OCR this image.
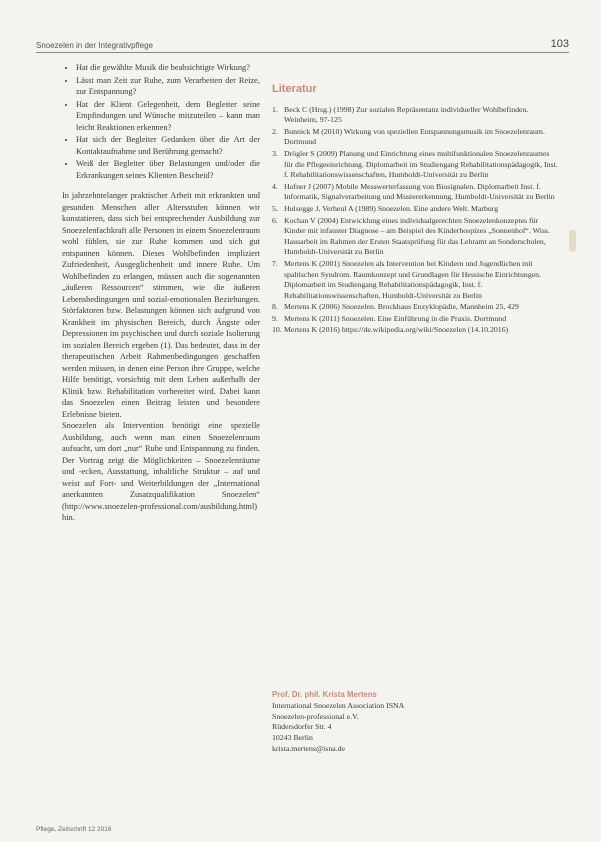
Snoezelen in der Integrativpflege	103
• Hat die gewählte Musik die beabsichtigte Wirkung?
• Lässt man Zeit zur Ruhe, zum Verarbeiten der Reize, zur Entspannung?
• Hat der Klient Gelegenheit, dem Begleiter seine Empfindungen und Wünsche mitzuteilen – kann man leicht Reaktionen erkennen?
• Hat sich der Begleiter Gedanken über die Art der Kontaktaufnahme und Berührung gemacht?
• Weiß der Begleiter über Belastungen und/oder die Erkrankungen seines Klienten Bescheid?

In jahrzehntelanger praktischer Arbeit mit erkrankten und gesunden Menschen aller Altersstufen können wir konstatieren, dass sich bei entsprechender Ausbildung zur Snoezelenfachkraft alle Personen in einem Snoezelenraum wohl fühlen, sie zur Ruhe kommen und sich gut entspannen können. Dieses Wohlbefinden impliziert Zufriedenheit, Ausgeglichenheit und innere Ruhe. Um Wohlbefinden zu erlangen, müssen auch die sogenannten „äußeren Ressourcen“ stimmen, wie die äußeren Lebensbedingungen und sozial-emotionalen Beziehungen. Störfaktoren bzw. Belastungen können sich aufgrund von Krankheit im physischen Bereich, durch Ängste oder Depressionen im psychischen und durch soziale Isolierung im sozialen Bereich ergeben (1). Das bedeutet, dass in der therapeutischen Arbeit Rahmenbedingungen geschaffen werden müssen, in denen eine Person ihre Gruppe, welche Hilfe benötigt, vorsichtig mit dem Leben außerhalb der Klinik bzw. Rehabilitation vorbereitet wird. Dabei kann das Snoezelen einen Beitrag leisten und besondere Erlebnisse bieten.

Snoezelen als Intervention benötigt eine spezielle Ausbildung, auch wenn man einen Snoezelenraum aufsucht, um dort „nur“ Ruhe und Entspannung zu finden. Der Vortrag zeigt die Möglichkeiten – Snoezelenräume und -ecken, Ausstattung, inhaltliche Struktur – auf und weist auf Fort- und Weiterbildungen der „International anerkannten Zusatzqualifikation Snoezelen“ (http://www.snoezelen-professional.com/ausbildung.html) hin.

Literatur
1. Beck C (Hrsg.) (1998) Zur sozialen Repräsentanz individueller Wohlbefinden. Weinheim, 97-125
2. Bunnick M (2010) Wirkung von speziellen Entspannungsmusik im Snoezelenraum. Dortmund
3. Drögler S (2009) Planung und Einrichtung eines multifunktionalen Snoezelenraumes für die Pflegeeinrichtung. Diplomarbeit im Studiengang Rehabilitationspädagogik, Inst. f. Rehabilitationswissenschaften, Humboldt-Universität zu Berlin
4. Hofner J (2007) Mobile Messwerterfassung von Biosignalen. Diplomarbeit Inst. f. Informatik, Signalverarbeitung und Mustererkennung, Humboldt-Universität zu Berlin
5. Hulsegge J, Verheul A (1989) Snoezelen. Eine andere Welt. Marburg
6. Kochan V (2004) Entwicklung eines individualgerechten Snoezelenkonzeptes für Kinder mit infauster Diagnose – am Beispiel des Kinderhospizes „Sonnenhof“. Wiss. Hausarbeit im Rahmen der Ersten Staatsprüfung für das Lehramt an Sonderschulen, Humboldt-Universität zu Berlin
7. Mertens K (2001) Snoezelen als Intervention bei Kindern und Jugendlichen mit spaltischen Syndrom. Raumkonzept und Grundlagen für Hessische Einrichtungen. Diplomarbeit im Studiengang Rehabilitationspädagogik, Inst. f. Rehabilitationswissenschaften, Humboldt-Universität zu Berlin
8. Mertens K (2006) Snoezelen. Brockhaus Enzyklopädie, Mannheim 25, 429
9. Mertens K (2011) Snoezelen. Eine Einführung in die Praxis. Dortmund
10. Mertens K (2016) https://de.wikipedia.org/wiki/Snoezelen (14.10.2016)
Prof. Dr. phil. Krista Mertens
International Snoezelen Association ISNA
Snoezelen-professional e.V.
Rüdersdorfer Str. 4
10243 Berlin
krista.mertens@isna.de
Pflege, Zeitschrift 12 2016
